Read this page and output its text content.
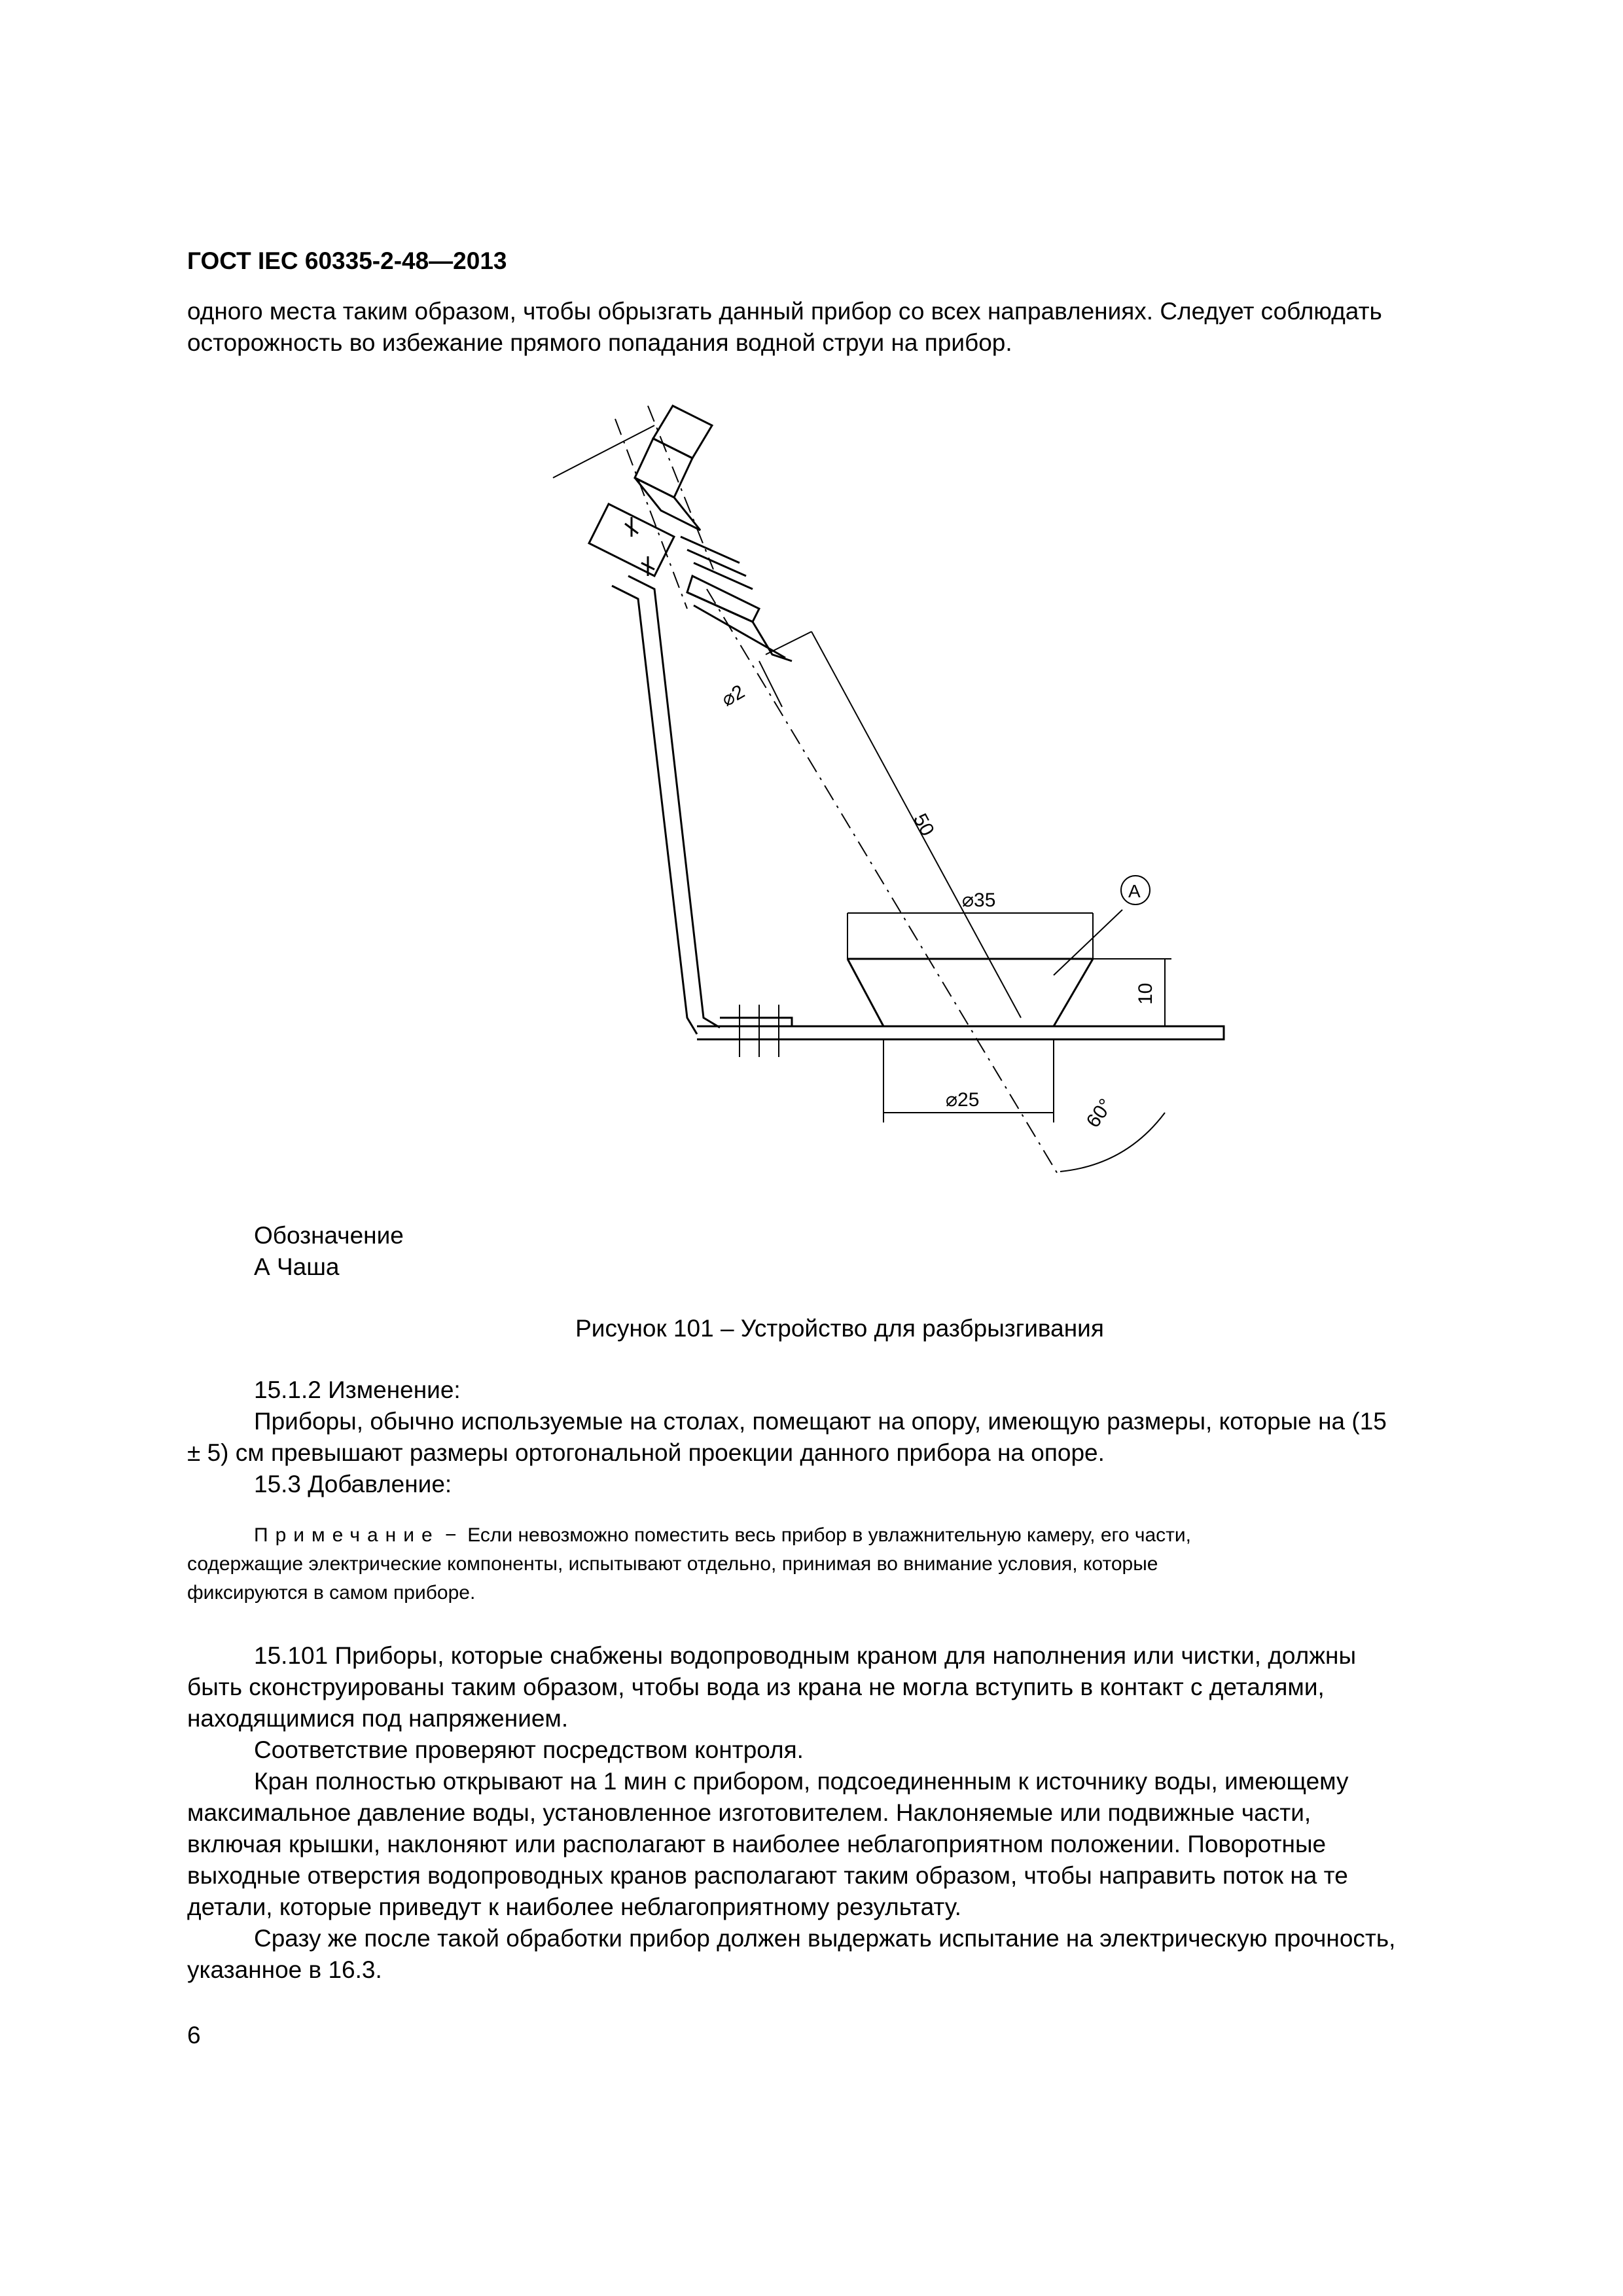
ГОСТ IEC 60335-2-48—2013
одного места таким образом, чтобы обрызгать данный прибор со всех направлениях. Следует соблюдать
осторожность во избежание прямого попадания водной струи на прибор.
⌀2
50
⌀35	A
10
⌀25	60°
Обозначение
А Чаша
Рисунок 101 – Устройство для разбрызгивания
15.1.2 Изменение:
Приборы, обычно используемые на столах, помещают на опору, имеющую размеры, которые на (15
± 5) см превышают размеры ортогональной проекции данного прибора на опоре.
15.3 Добавление:
Примечание − Если невозможно поместить весь прибор в увлажнительную камеру, его части,
содержащие электрические компоненты, испытывают отдельно, принимая во внимание условия, которые
фиксируются в самом приборе.
15.101 Приборы, которые снабжены водопроводным краном для наполнения или чистки, должны
быть сконструированы таким образом, чтобы вода из крана не могла вступить в контакт с деталями,
находящимися под напряжением.
Соответствие проверяют посредством контроля.
Кран полностью открывают на 1 мин с прибором, подсоединенным к источнику воды, имеющему
максимальное давление воды, установленное изготовителем. Наклоняемые или подвижные части,
включая крышки, наклоняют или располагают в наиболее неблагоприятном положении. Поворотные
выходные отверстия водопроводных кранов располагают таким образом, чтобы направить поток на те
детали, которые приведут к наиболее неблагоприятному результату.
Сразу же после такой обработки прибор должен выдержать испытание на электрическую прочность,
указанное в 16.3.
6
